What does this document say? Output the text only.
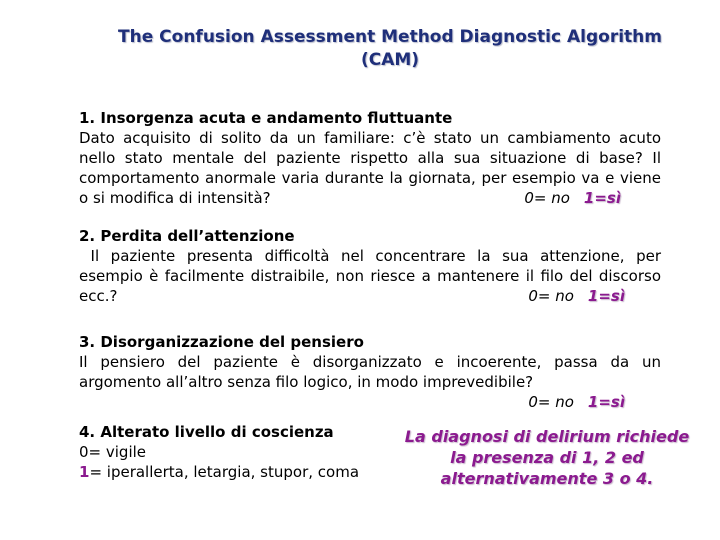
The Confusion Assessment Method Diagnostic Algorithm
(CAM)
1. Insorgenza acuta e andamento fluttuante
Dato acquisito di solito da un familiare: c’è stato un cambiamento acuto nello stato mentale del paziente rispetto alla sua situazione di base? Il comportamento anormale varia durante la giornata, per esempio va e viene o si modifica di intensità?	0= no 1=sì
2. Perdita dell’attenzione
Il paziente presenta difficoltà nel concentrare la sua attenzione, per esempio è facilmente distraibile, non riesce a mantenere il filo del discorso ecc.?	0= no 1=sì
3. Disorganizzazione del pensiero
Il pensiero del paziente è disorganizzato e incoerente, passa da un argomento all’altro senza filo logico, in modo imprevedibile?
0= no 1=sì
4. Alterato livello di coscienza
0= vigile
1= iperallerta, letargia, stupor, coma
La diagnosi di delirium richiede
la presenza di 1, 2 ed
alternativamente 3 o 4.
